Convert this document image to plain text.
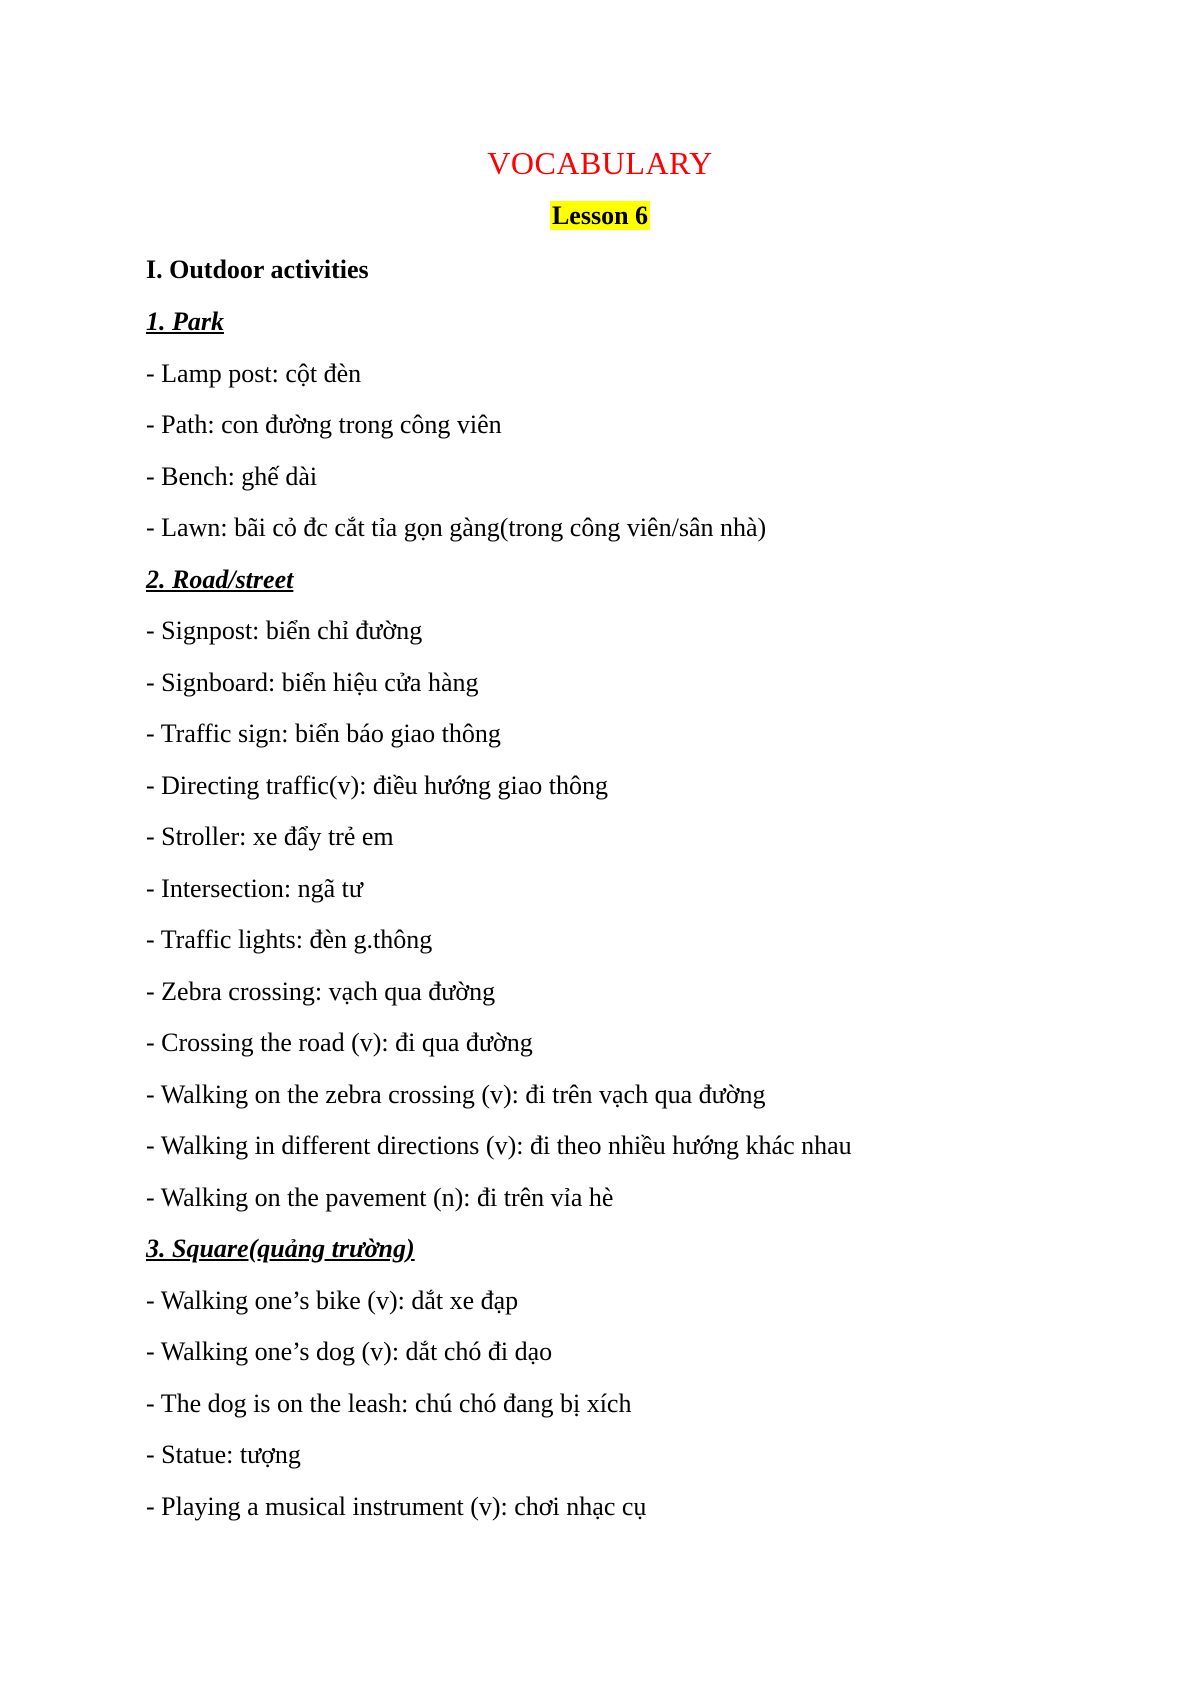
VOCABULARY
Lesson 6
I. Outdoor activities
1. Park
- Lamp post: cột đèn
- Path: con đường trong công viên
- Bench: ghế dài
- Lawn: bãi cỏ đc cắt tỉa gọn gàng(trong công viên/sân nhà)
2. Road/street
- Signpost: biển chỉ đường
- Signboard: biển hiệu cửa hàng
- Traffic sign: biển báo giao thông
- Directing traffic(v): điều hướng giao thông
- Stroller: xe đẩy trẻ em
- Intersection: ngã tư
- Traffic lights: đèn g.thông
- Zebra crossing: vạch qua đường
- Crossing the road (v): đi qua đường
- Walking on the zebra crossing (v): đi trên vạch qua đường
- Walking in different directions (v): đi theo nhiều hướng khác nhau
- Walking on the pavement (n): đi trên vỉa hè
3. Square(quảng trường)
- Walking one’s bike (v): dắt xe đạp
- Walking one’s dog (v): dắt chó đi dạo
- The dog is on the leash: chú chó đang bị xích
- Statue: tượng
- Playing a musical instrument (v): chơi nhạc cụ
